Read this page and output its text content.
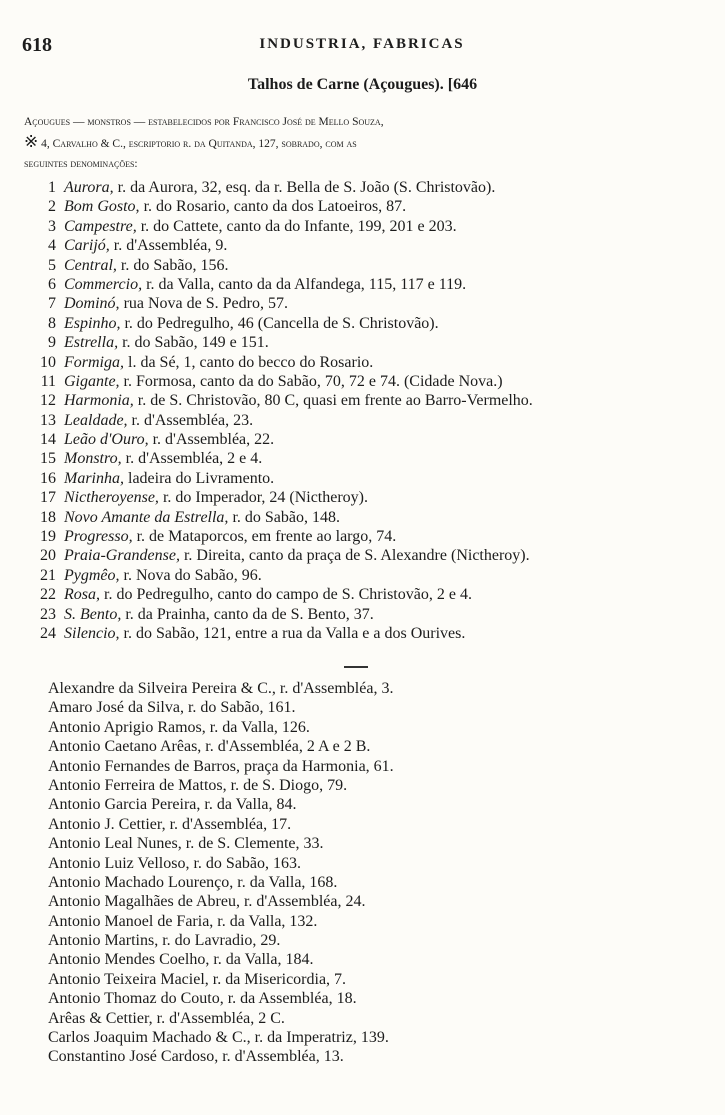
618	INDUSTRIA, FABRICAS
Talhos de Carne (Açougues). [646
Açougues — monstros — estabelecidos por Francisco José de Mello Souza,
※ 4, Carvalho & C., escriptorio r. da Quitanda, 127, sobrado, com as
seguintes denominações:
1 Aurora, r. da Aurora, 32, esq. da r. Bella de S. João (S. Christovão).
2 Bom Gosto, r. do Rosario, canto da dos Latoeiros, 87.
3 Campestre, r. do Cattete, canto da do Infante, 199, 201 e 203.
4 Carijó, r. d'Assembléa, 9.
5 Central, r. do Sabão, 156.
6 Commercio, r. da Valla, canto da da Alfandega, 115, 117 e 119.
7 Dominó, rua Nova de S. Pedro, 57.
8 Espinho, r. do Pedregulho, 46 (Cancella de S. Christovão).
9 Estrella, r. do Sabão, 149 e 151.
10 Formiga, l. da Sé, 1, canto do becco do Rosario.
11 Gigante, r. Formosa, canto da do Sabão, 70, 72 e 74. (Cidade Nova.)
12 Harmonia, r. de S. Christovão, 80 C, quasi em frente ao Barro-Vermelho.
13 Lealdade, r. d'Assembléa, 23.
14 Leão d'Ouro, r. d'Assembléa, 22.
15 Monstro, r. d'Assembléa, 2 e 4.
16 Marinha, ladeira do Livramento.
17 Nictheroyense, r. do Imperador, 24 (Nictheroy).
18 Novo Amante da Estrella, r. do Sabão, 148.
19 Progresso, r. de Mataporcos, em frente ao largo, 74.
20 Praia-Grandense, r. Direita, canto da praça de S. Alexandre (Nictheroy).
21 Pygmêo, r. Nova do Sabão, 96.
22 Rosa, r. do Pedregulho, canto do campo de S. Christovão, 2 e 4.
23 S. Bento, r. da Prainha, canto da de S. Bento, 37.
24 Silencio, r. do Sabão, 121, entre a rua da Valla e a dos Ourives.
Alexandre da Silveira Pereira & C., r. d'Assembléa, 3.
Amaro José da Silva, r. do Sabão, 161.
Antonio Aprigio Ramos, r. da Valla, 126.
Antonio Caetano Arêas, r. d'Assembléa, 2 A e 2 B.
Antonio Fernandes de Barros, praça da Harmonia, 61.
Antonio Ferreira de Mattos, r. de S. Diogo, 79.
Antonio Garcia Pereira, r. da Valla, 84.
Antonio J. Cettier, r. d'Assembléa, 17.
Antonio Leal Nunes, r. de S. Clemente, 33.
Antonio Luiz Velloso, r. do Sabão, 163.
Antonio Machado Lourenço, r. da Valla, 168.
Antonio Magalhães de Abreu, r. d'Assembléa, 24.
Antonio Manoel de Faria, r. da Valla, 132.
Antonio Martins, r. do Lavradio, 29.
Antonio Mendes Coelho, r. da Valla, 184.
Antonio Teixeira Maciel, r. da Misericordia, 7.
Antonio Thomaz do Couto, r. da Assembléa, 18.
Arêas & Cettier, r. d'Assembléa, 2 C.
Carlos Joaquim Machado & C., r. da Imperatriz, 139.
Constantino José Cardoso, r. d'Assembléa, 13.
